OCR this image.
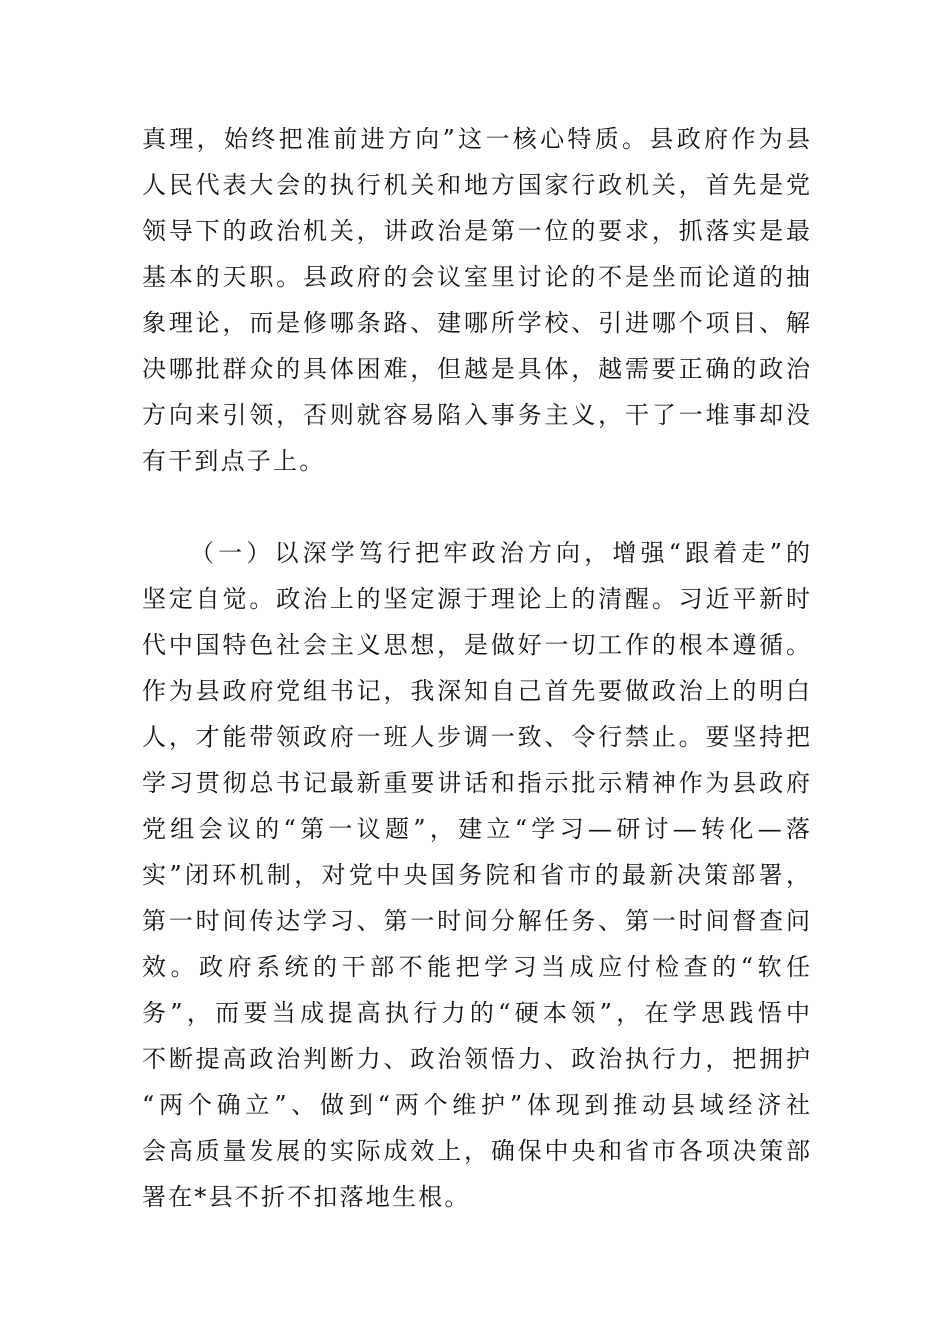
真理，始终把准前进方向”这一核心特质。县政府作为县
人民代表大会的执行机关和地方国家行政机关，首先是党
领导下的政治机关，讲政治是第一位的要求，抓落实是最
基本的天职。县政府的会议室里讨论的不是坐而论道的抽
象理论，而是修哪条路、建哪所学校、引进哪个项目、解
决哪批群众的具体困难，但越是具体，越需要正确的政治
方向来引领，否则就容易陷入事务主义，干了一堆事却没
有干到点子上。
（一）以深学笃行把牢政治方向，增强“跟着走”的
坚定自觉。政治上的坚定源于理论上的清醒。习近平新时
代中国特色社会主义思想，是做好一切工作的根本遵循。
作为县政府党组书记，我深知自己首先要做政治上的明白
人，才能带领政府一班人步调一致、令行禁止。要坚持把
学习贯彻总书记最新重要讲话和指示批示精神作为县政府
党组会议的“第一议题”，建立“学习—研讨—转化—落
实”闭环机制，对党中央国务院和省市的最新决策部署，
第一时间传达学习、第一时间分解任务、第一时间督查问
效。政府系统的干部不能把学习当成应付检查的“软任
务”，而要当成提高执行力的“硬本领”，在学思践悟中
不断提高政治判断力、政治领悟力、政治执行力，把拥护
“两个确立”、做到“两个维护”体现到推动县域经济社
会高质量发展的实际成效上，确保中央和省市各项决策部
署在*县不折不扣落地生根。
